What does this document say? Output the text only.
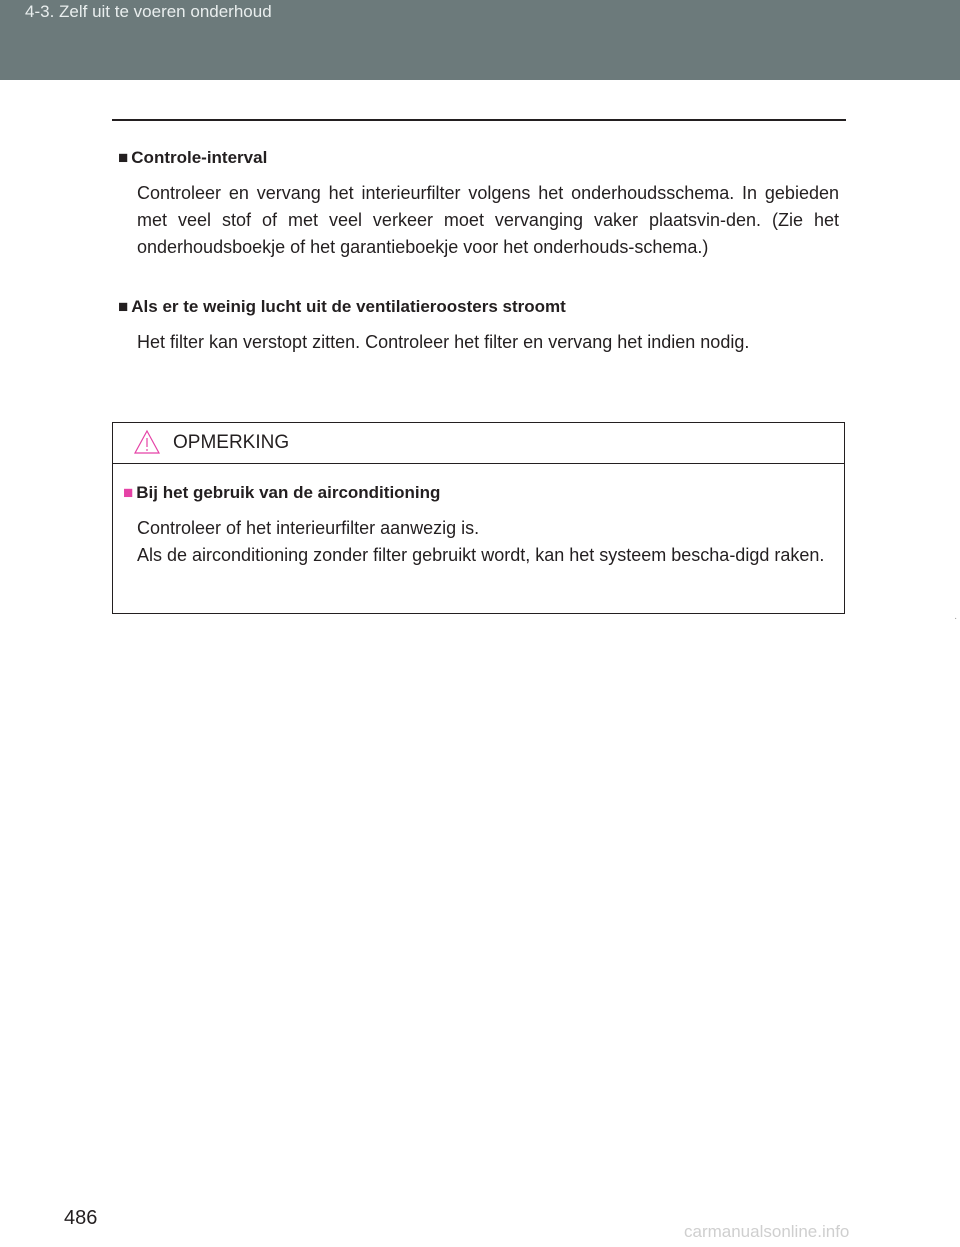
4-3. Zelf uit te voeren onderhoud
■ Controle-interval
Controleer en vervang het interieurfilter volgens het onderhoudsschema. In gebieden met veel stof of met veel verkeer moet vervanging vaker plaatsvin-den. (Zie het onderhoudsboekje of het garantieboekje voor het onderhouds-schema.)
■ Als er te weinig lucht uit de ventilatieroosters stroomt
Het filter kan verstopt zitten. Controleer het filter en vervang het indien nodig.
OPMERKING
■ Bij het gebruik van de airconditioning
Controleer of het interieurfilter aanwezig is.
Als de airconditioning zonder filter gebruikt wordt, kan het systeem bescha-digd raken.
·
486
carmanualsonline.info
